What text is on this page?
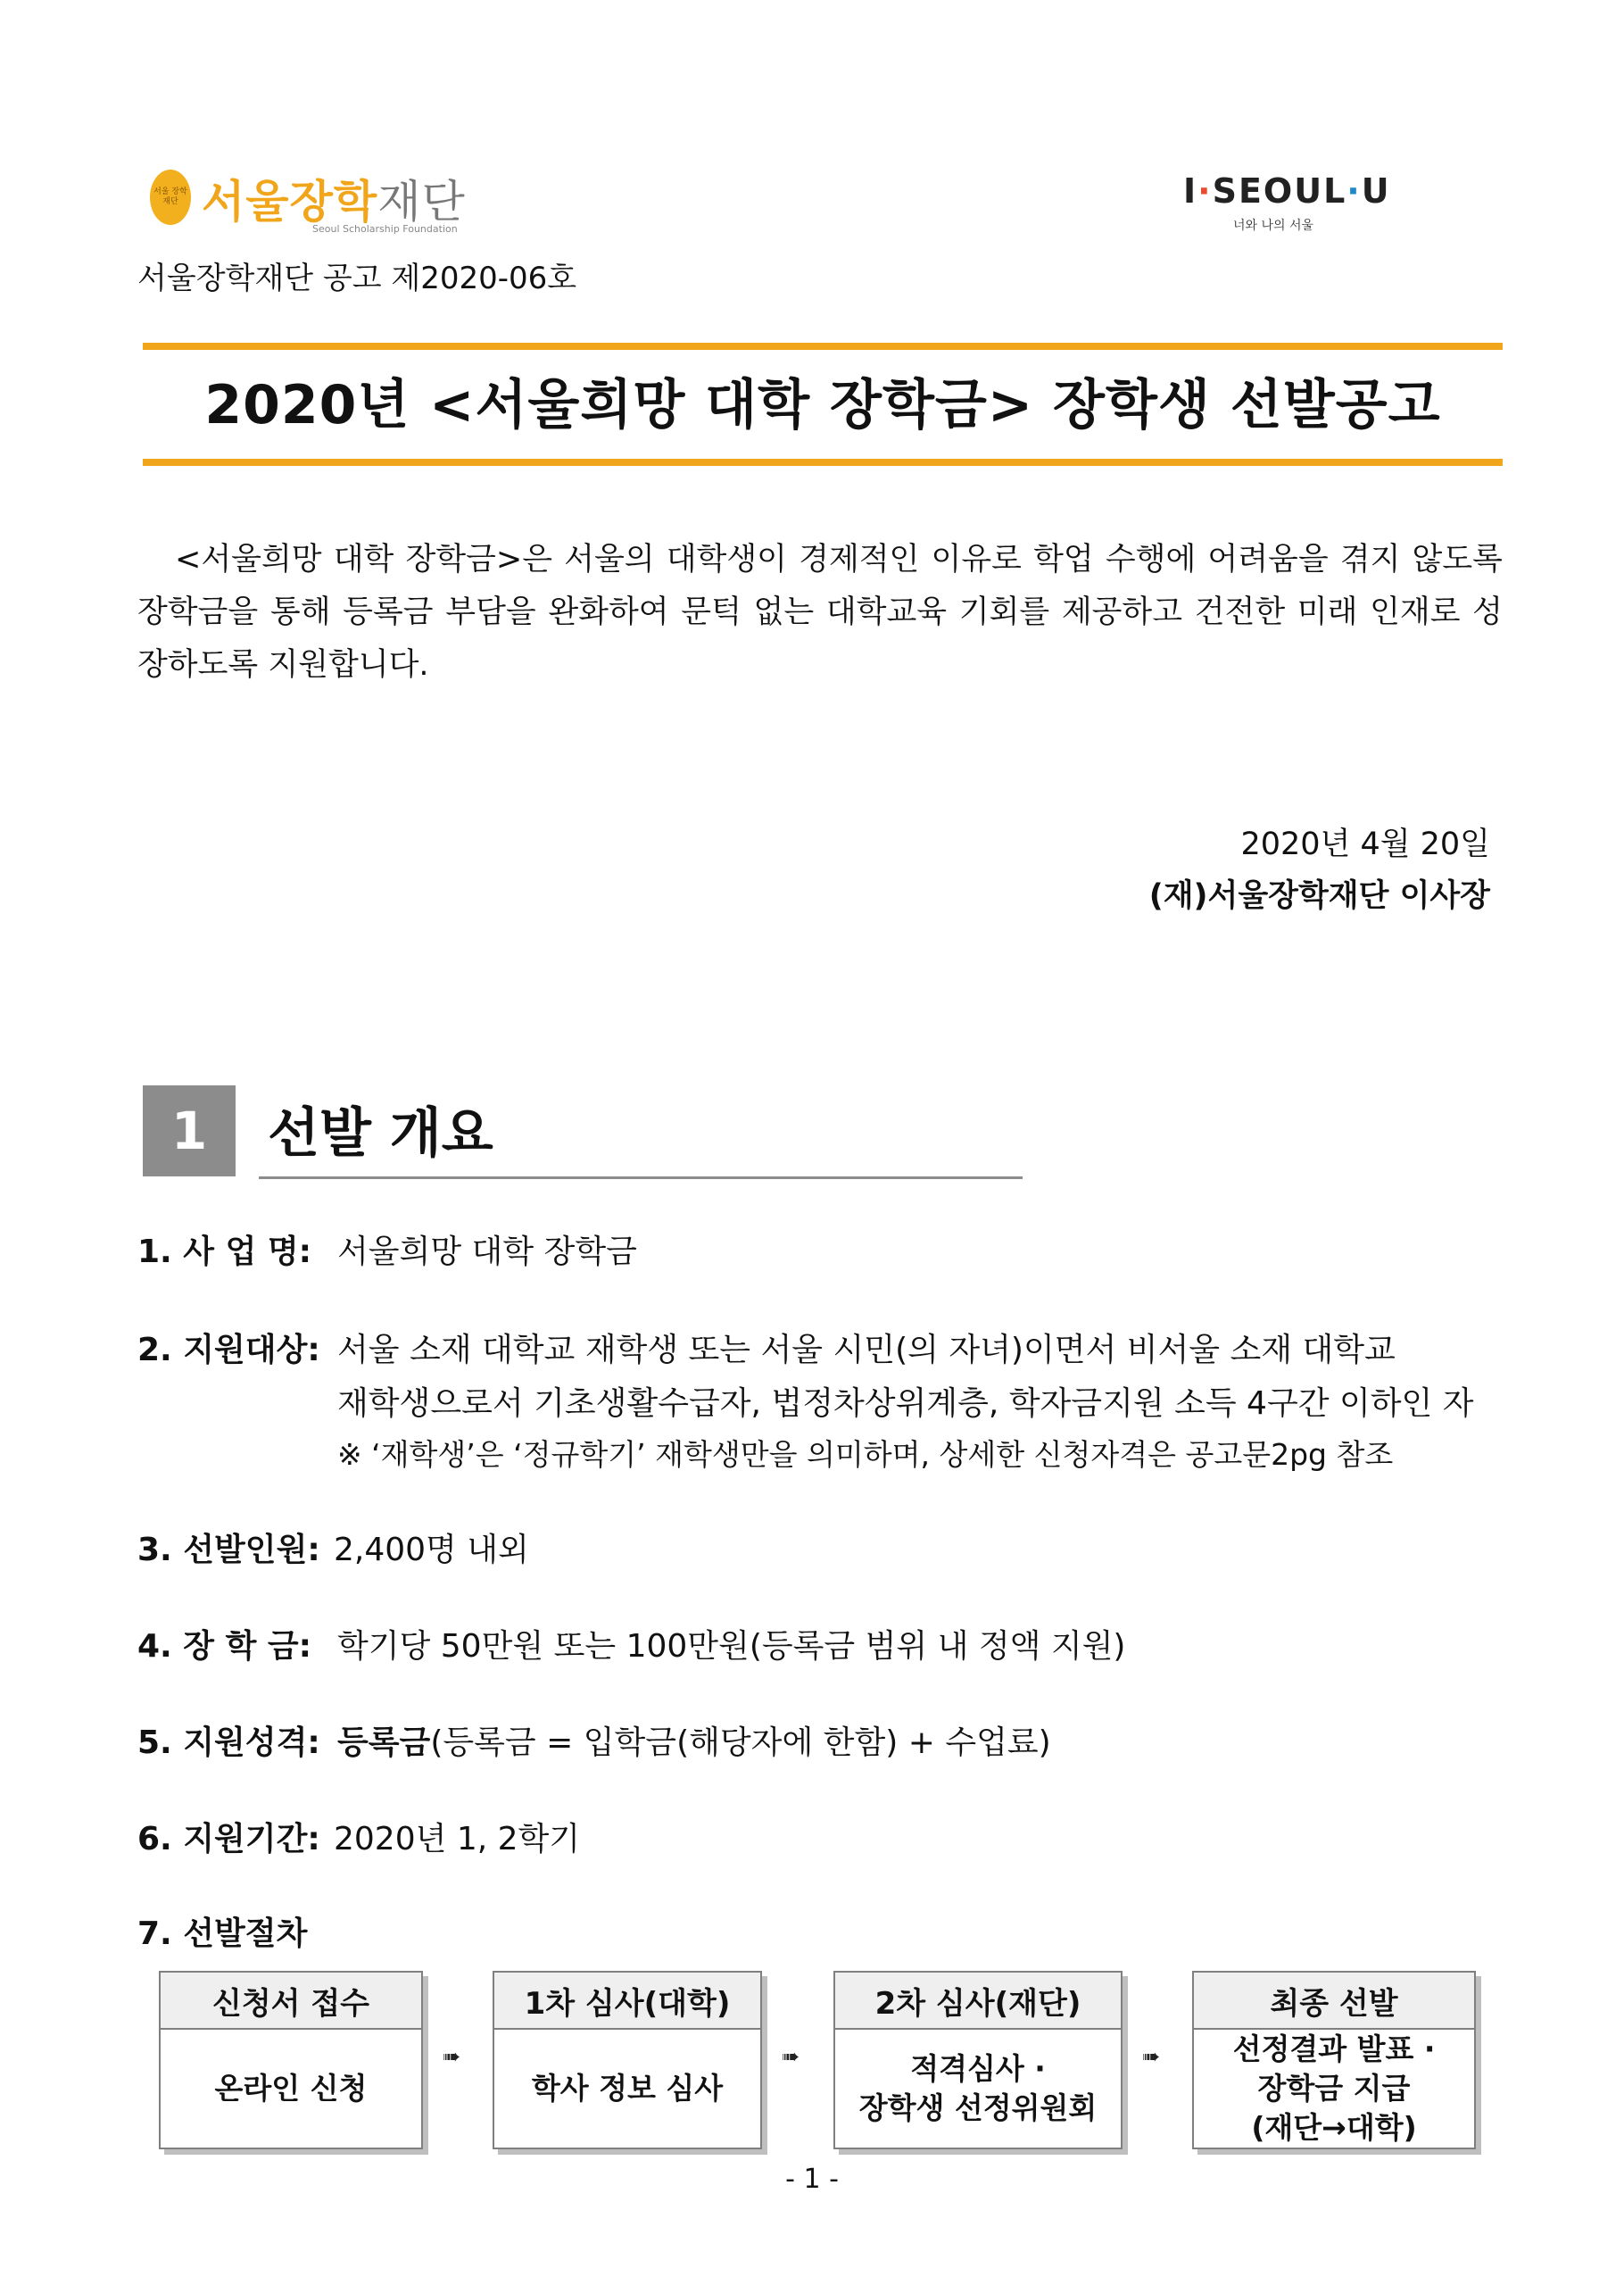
서울 장학 재단 서울장학재단
Seoul Scholarship Foundation
I·SEOUL·U
너와 나의 서울
서울장학재단 공고 제2020-06호
2020년 <서울희망 대학 장학금> 장학생 선발공고
<서울희망 대학 장학금>은 서울의 대학생이 경제적인 이유로 학업 수행에 어려움을 겪지 않도록 장학금을 통해 등록금 부담을 완화하여 문턱 없는 대학교육 기회를 제공하고 건전한 미래 인재로 성장하도록 지원합니다.
2020년 4월 20일
(재)서울장학재단 이사장
1	선발 개요
1. 사 업 명: 서울희망 대학 장학금
2. 지원대상: 서울 소재 대학교 재학생 또는 서울 시민(의 자녀)이면서 비서울 소재 대학교
재학생으로서 기초생활수급자, 법정차상위계층, 학자금지원 소득 4구간 이하인 자
※ ‘재학생’은 ‘정규학기’ 재학생만을 의미하며, 상세한 신청자격은 공고문2pg 참조
3. 선발인원: 2,400명 내외
4. 장 학 금: 학기당 50만원 또는 100만원(등록금 범위 내 정액 지원)
5. 지원성격: 등록금(등록금 = 입학금(해당자에 한함) + 수업료)
6. 지원기간: 2020년 1, 2학기
7. 선발절차
신청서 접수
온라인 신청
➠
1차 심사(대학)
학사 정보 심사
➠
2차 심사(재단)
적격심사 ·
장학생 선정위원회
➠
최종 선발
선정결과 발표 ·
장학금 지급
(재단→대학)
- 1 -
